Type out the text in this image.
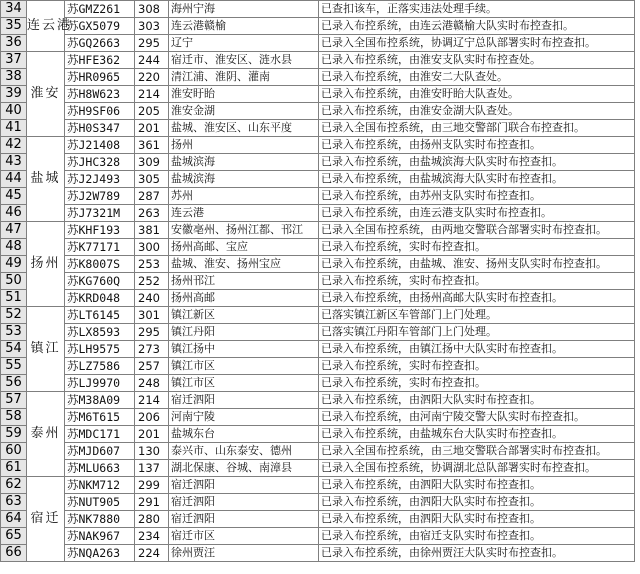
34	连云港	苏GMZ261	308	海州宁海	已查扣该车，正落实违法处理手续。
35		苏GX5079	303	连云港赣榆	已录入布控系统，由连云港赣榆大队实时布控查扣。
36		苏GQ2663	295	辽宁	已录入全国布控系统，协调辽宁总队部署实时布控查扣。
37	淮安	苏HFE362	244	宿迁市、淮安区、涟水县	已录入布控系统，由淮安支队实时布控查处。
38		苏HR0965	220	清江浦、淮阴、灌南	已录入布控系统，由淮安二大队查处。
39		苏H8W623	214	淮安盱眙	已录入布控系统，由淮安盱眙大队查处。
40		苏H9SF06	205	淮安金湖	已录入布控系统，由淮安金湖大队查处。
41		苏H0S347	201	盐城、淮安区、山东平度	已录入全国布控系统，由三地交警部门联合布控查扣。
42	盐城	苏J21408	361	扬州	已录入布控系统，由扬州支队实时布控查扣。
43		苏JHC328	309	盐城滨海	已录入布控系统，由盐城滨海大队实时布控查扣。
44		苏J2J493	305	盐城滨海	已录入布控系统，由盐城滨海大队实时布控查扣。
45		苏J2W789	287	苏州	已录入布控系统，由苏州支队实时布控查扣。
46		苏J7321M	263	连云港	已录入布控系统，由连云港支队实时布控查扣。
47	扬州	苏KHF193	381	安徽亳州、扬州江都、邗江	已录入全国布控系统，由两地交警联合部署实时布控查扣。
48		苏K77171	300	扬州高邮、宝应	已录入布控系统，实时布控查扣。
49		苏K8007S	253	盐城、淮安、扬州宝应	已录入布控系统，由盐城、淮安、扬州支队实时布控查扣。
50		苏KG760Q	252	扬州邗江	已录入布控系统，实时布控查扣。
51		苏KRD048	240	扬州高邮	已录入布控系统，由扬州高邮大队实时布控查扣。
52	镇江	苏LT6145	301	镇江新区	已落实镇江新区车管部门上门处理。
53		苏LX8593	295	镇江丹阳	已落实镇江丹阳车管部门上门处理。
54		苏LH9575	273	镇江扬中	已录入布控系统，由镇江扬中大队实时布控查扣。
55		苏LZ7586	257	镇江市区	已录入布控系统，实时布控查扣。
56		苏LJ9970	248	镇江市区	已录入布控系统，实时布控查扣。
57	泰州	苏M38A09	214	宿迁泗阳	已录入布控系统，由泗阳大队实时布控查扣。
58		苏M6T615	206	河南宁陵	已录入布控系统，由河南宁陵交警大队实时布控查扣。
59		苏MDC171	201	盐城东台	已录入布控系统，由盐城东台大队实时布控查扣。
60		苏MJD607	130	泰兴市、山东泰安、德州	已录入全国布控系统，由三地交警联合部署实时布控查扣。
61		苏MLU663	137	湖北保康、谷城、南漳县	已录入全国布控系统，协调湖北总队部署实时布控查扣。
62	宿迁	苏NKM712	299	宿迁泗阳	已录入布控系统，由泗阳大队实时布控查扣。
63		苏NUT905	291	宿迁泗阳	已录入布控系统，由泗阳大队实时布控查扣。
64		苏NK7880	280	宿迁泗阳	已录入布控系统，由泗阳大队实时布控查扣。
65		苏NAK967	234	宿迁市区	已录入布控系统，由宿迁支队实时布控查扣。
66		苏NQA263	224	徐州贾汪	已录入布控系统，由徐州贾汪大队实时布控查扣。
